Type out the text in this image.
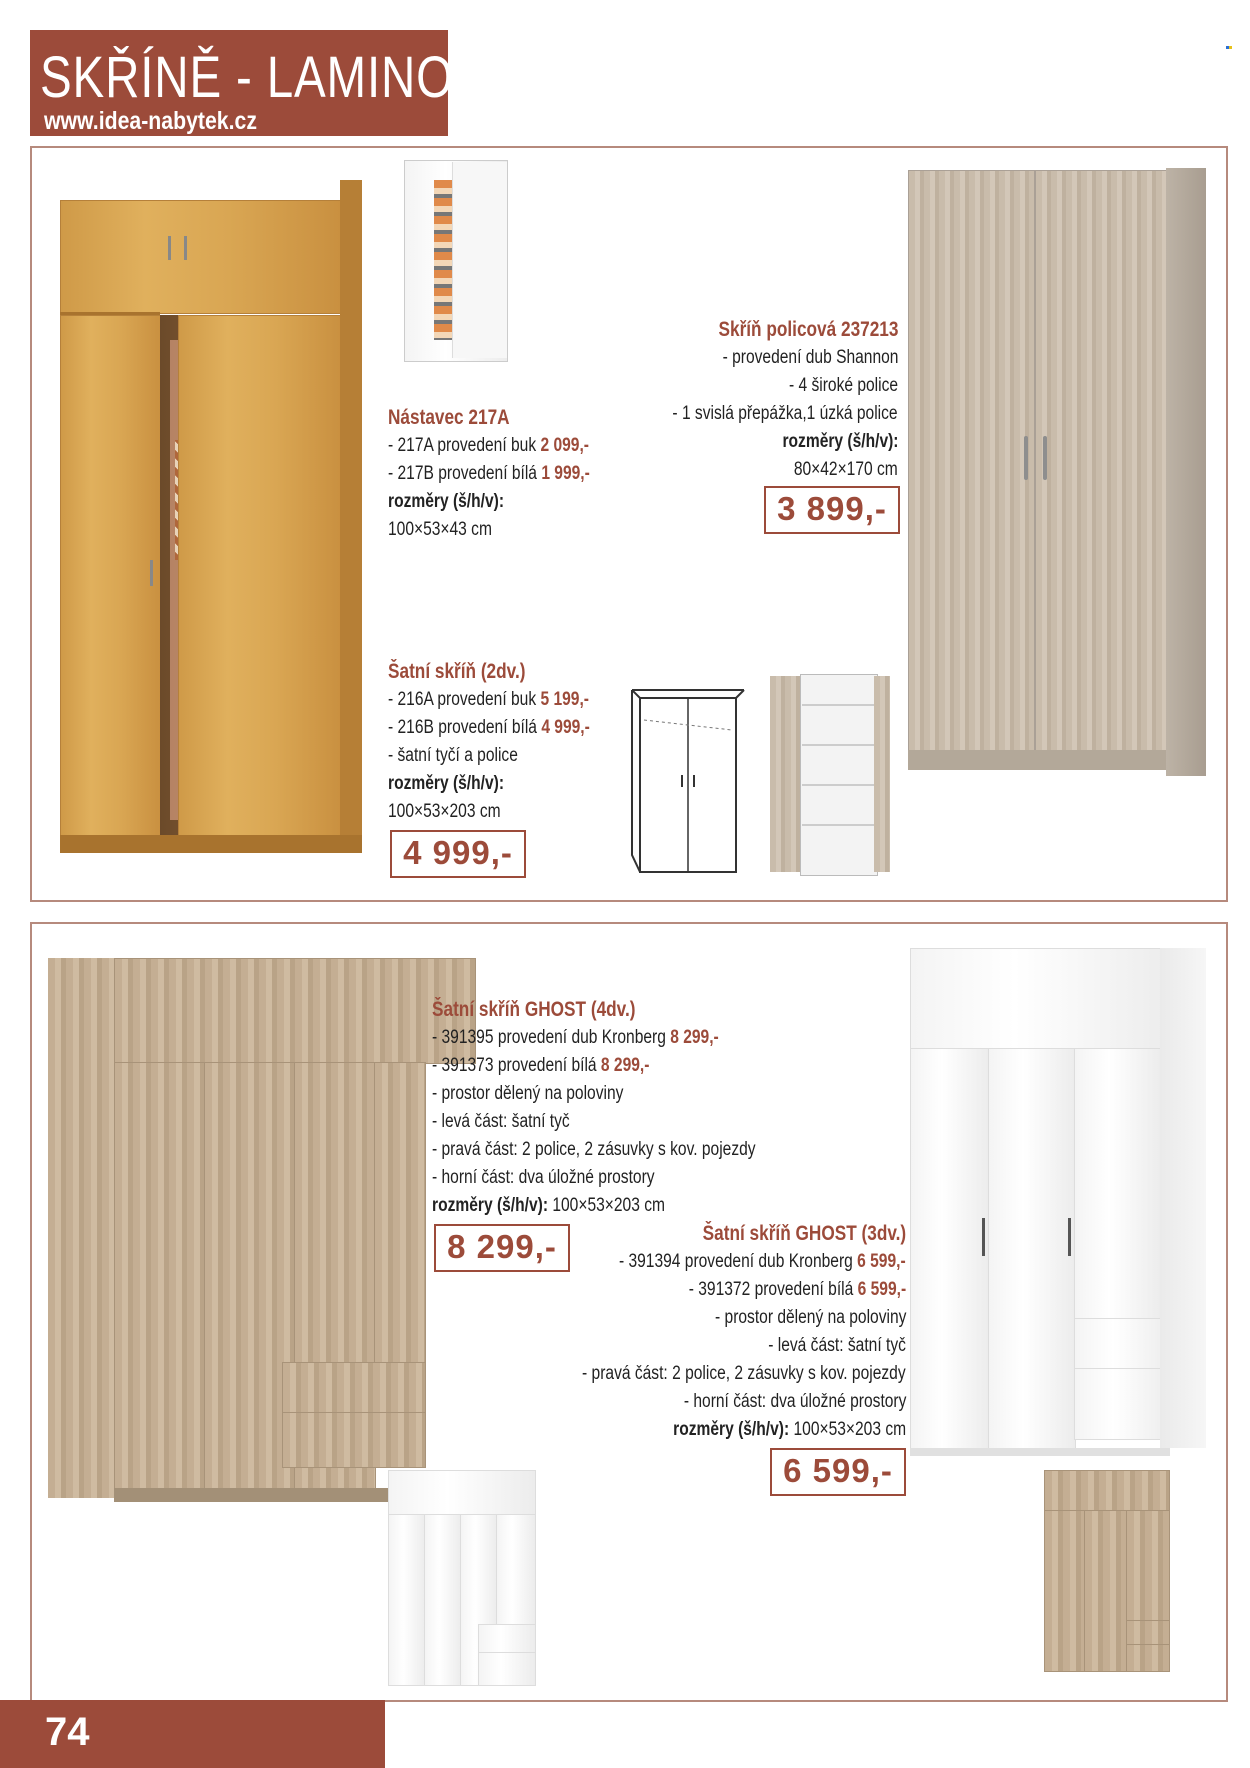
SKŘÍNĚ - LAMINO
www.idea-nabytek.cz
Nástavec 217A
- 217A provedení buk 2 099,-
- 217B provedení bílá 1 999,-
rozměry (š/h/v):
100×53×43 cm
Skříň policová 237213
- provedení dub Shannon
- 4 široké police
- 1 svislá přepážka,1 úzká police
rozměry (š/h/v):
80×42×170 cm
3 899,-
Šatní skříň (2dv.)
- 216A provedení buk 5 199,-
- 216B provedení bílá 4 999,-
- šatní tyčí a police
rozměry (š/h/v):
100×53×203 cm
4 999,-
Šatní skříň GHOST (4dv.)
- 391395 provedení dub Kronberg 8 299,-
- 391373 provedení bílá 8 299,-
- prostor dělený na poloviny
- levá část: šatní tyč
- pravá část: 2 police, 2 zásuvky s kov. pojezdy
- horní část: dva úložné prostory
rozměry (š/h/v): 100×53×203 cm
8 299,-	Šatní skříň GHOST (3dv.)
- 391394 provedení dub Kronberg 6 599,-
- 391372 provedení bílá 6 599,-
- prostor dělený na poloviny
- levá část: šatní tyč
- pravá část: 2 police, 2 zásuvky s kov. pojezdy
- horní část: dva úložné prostory
rozměry (š/h/v): 100×53×203 cm
6 599,-
74
